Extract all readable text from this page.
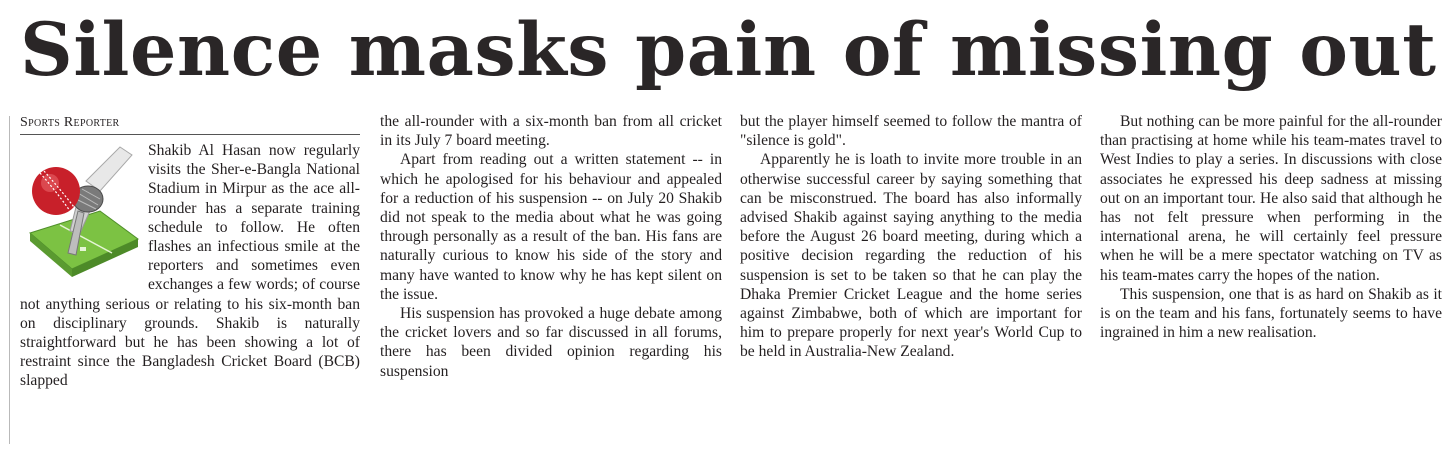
Silence masks pain of missing out
Sports Reporter

Shakib Al Hasan now regularly visits the Sher-e-Bangla National Stadium in Mirpur as the ace all-rounder has a separate training schedule to follow. He often flashes an infectious smile at the reporters and sometimes even exchanges a few words; of course not anything serious or relating to his six-month ban on disciplinary grounds. Shakib is naturally straightforward but he has been showing a lot of restraint since the Bangladesh Cricket Board (BCB) slapped

the all-rounder with a six-month ban from all cricket in its July 7 board meeting.

Apart from reading out a written statement -- in which he apologised for his behaviour and appealed for a reduction of his suspension -- on July 20 Shakib did not speak to the media about what he was going through personally as a result of the ban. His fans are naturally curious to know his side of the story and many have wanted to know why he has kept silent on the issue.

His suspension has provoked a huge debate among the cricket lovers and so far discussed in all forums, there has been divided opinion regarding his suspension

but the player himself seemed to follow the mantra of "silence is gold".

Apparently he is loath to invite more trouble in an otherwise successful career by saying something that can be misconstrued. The board has also informally advised Shakib against saying anything to the media before the August 26 board meeting, during which a positive decision regarding the reduction of his suspension is set to be taken so that he can play the Dhaka Premier Cricket League and the home series against Zimbabwe, both of which are important for him to prepare properly for next year's World Cup to be held in Australia-New Zealand.

But nothing can be more painful for the all-rounder than practising at home while his team-mates travel to West Indies to play a series. In discussions with close associates he expressed his deep sadness at missing out on an important tour. He also said that although he has not felt pressure when performing in the international arena, he will certainly feel pressure when he will be a mere spectator watching on TV as his team-mates carry the hopes of the nation.

This suspension, one that is as hard on Shakib as it is on the team and his fans, fortunately seems to have ingrained in him a new realisation.
